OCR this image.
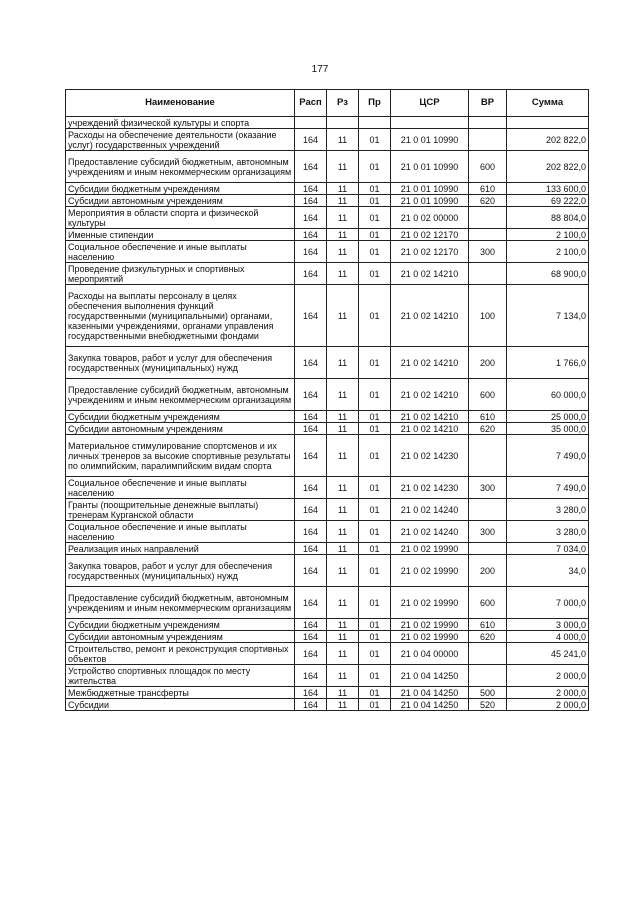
177
Наименование	Расп	Рз	Пр	ЦСР	ВР	Сумма
учреждений физической культуры и спорта						
Расходы на обеспечение деятельности (оказание услуг) государственных учреждений	164	11	01	21 0 01 10990		202 822,0
Предоставление субсидий бюджетным, автономным учреждениям и иным некоммерческим организациям	164	11	01	21 0 01 10990	600	202 822,0
Субсидии бюджетным учреждениям	164	11	01	21 0 01 10990	610	133 600,0
Субсидии автономным учреждениям	164	11	01	21 0 01 10990	620	69 222,0
Мероприятия в области спорта и физической культуры	164	11	01	21 0 02 00000		88 804,0
Именные стипендии	164	11	01	21 0 02 12170		2 100,0
Социальное обеспечение и иные выплаты населению	164	11	01	21 0 02 12170	300	2 100,0
Проведение физкультурных и спортивных мероприятий	164	11	01	21 0 02 14210		68 900,0
Расходы на выплаты персоналу в целях обеспечения выполнения функций государственными (муниципальными) органами, казенными учреждениями, органами управления государственными внебюджетными фондами	164	11	01	21 0 02 14210	100	7 134,0
Закупка товаров, работ и услуг для обеспечения государственных (муниципальных) нужд	164	11	01	21 0 02 14210	200	1 766,0
Предоставление субсидий бюджетным, автономным учреждениям и иным некоммерческим организациям	164	11	01	21 0 02 14210	600	60 000,0
Субсидии бюджетным учреждениям	164	11	01	21 0 02 14210	610	25 000,0
Субсидии автономным учреждениям	164	11	01	21 0 02 14210	620	35 000,0
Материальное стимулирование спортсменов и их личных тренеров за высокие спортивные результаты по олимпийским, паралимпийским видам спорта	164	11	01	21 0 02 14230		7 490,0
Социальное обеспечение и иные выплаты населению	164	11	01	21 0 02 14230	300	7 490,0
Гранты (поощрительные денежные выплаты) тренерам Курганской области	164	11	01	21 0 02 14240		3 280,0
Социальное обеспечение и иные выплаты населению	164	11	01	21 0 02 14240	300	3 280,0
Реализация иных направлений	164	11	01	21 0 02 19990		7 034,0
Закупка товаров, работ и услуг для обеспечения государственных (муниципальных) нужд	164	11	01	21 0 02 19990	200	34,0
Предоставление субсидий бюджетным, автономным учреждениям и иным некоммерческим организациям	164	11	01	21 0 02 19990	600	7 000,0
Субсидии бюджетным учреждениям	164	11	01	21 0 02 19990	610	3 000,0
Субсидии автономным учреждениям	164	11	01	21 0 02 19990	620	4 000,0
Строительство, ремонт и реконструкция спортивных объектов	164	11	01	21 0 04 00000		45 241,0
Устройство спортивных площадок по месту жительства	164	11	01	21 0 04 14250		2 000,0
Межбюджетные трансферты	164	11	01	21 0 04 14250	500	2 000,0
Субсидии	164	11	01	21 0 04 14250	520	2 000,0
